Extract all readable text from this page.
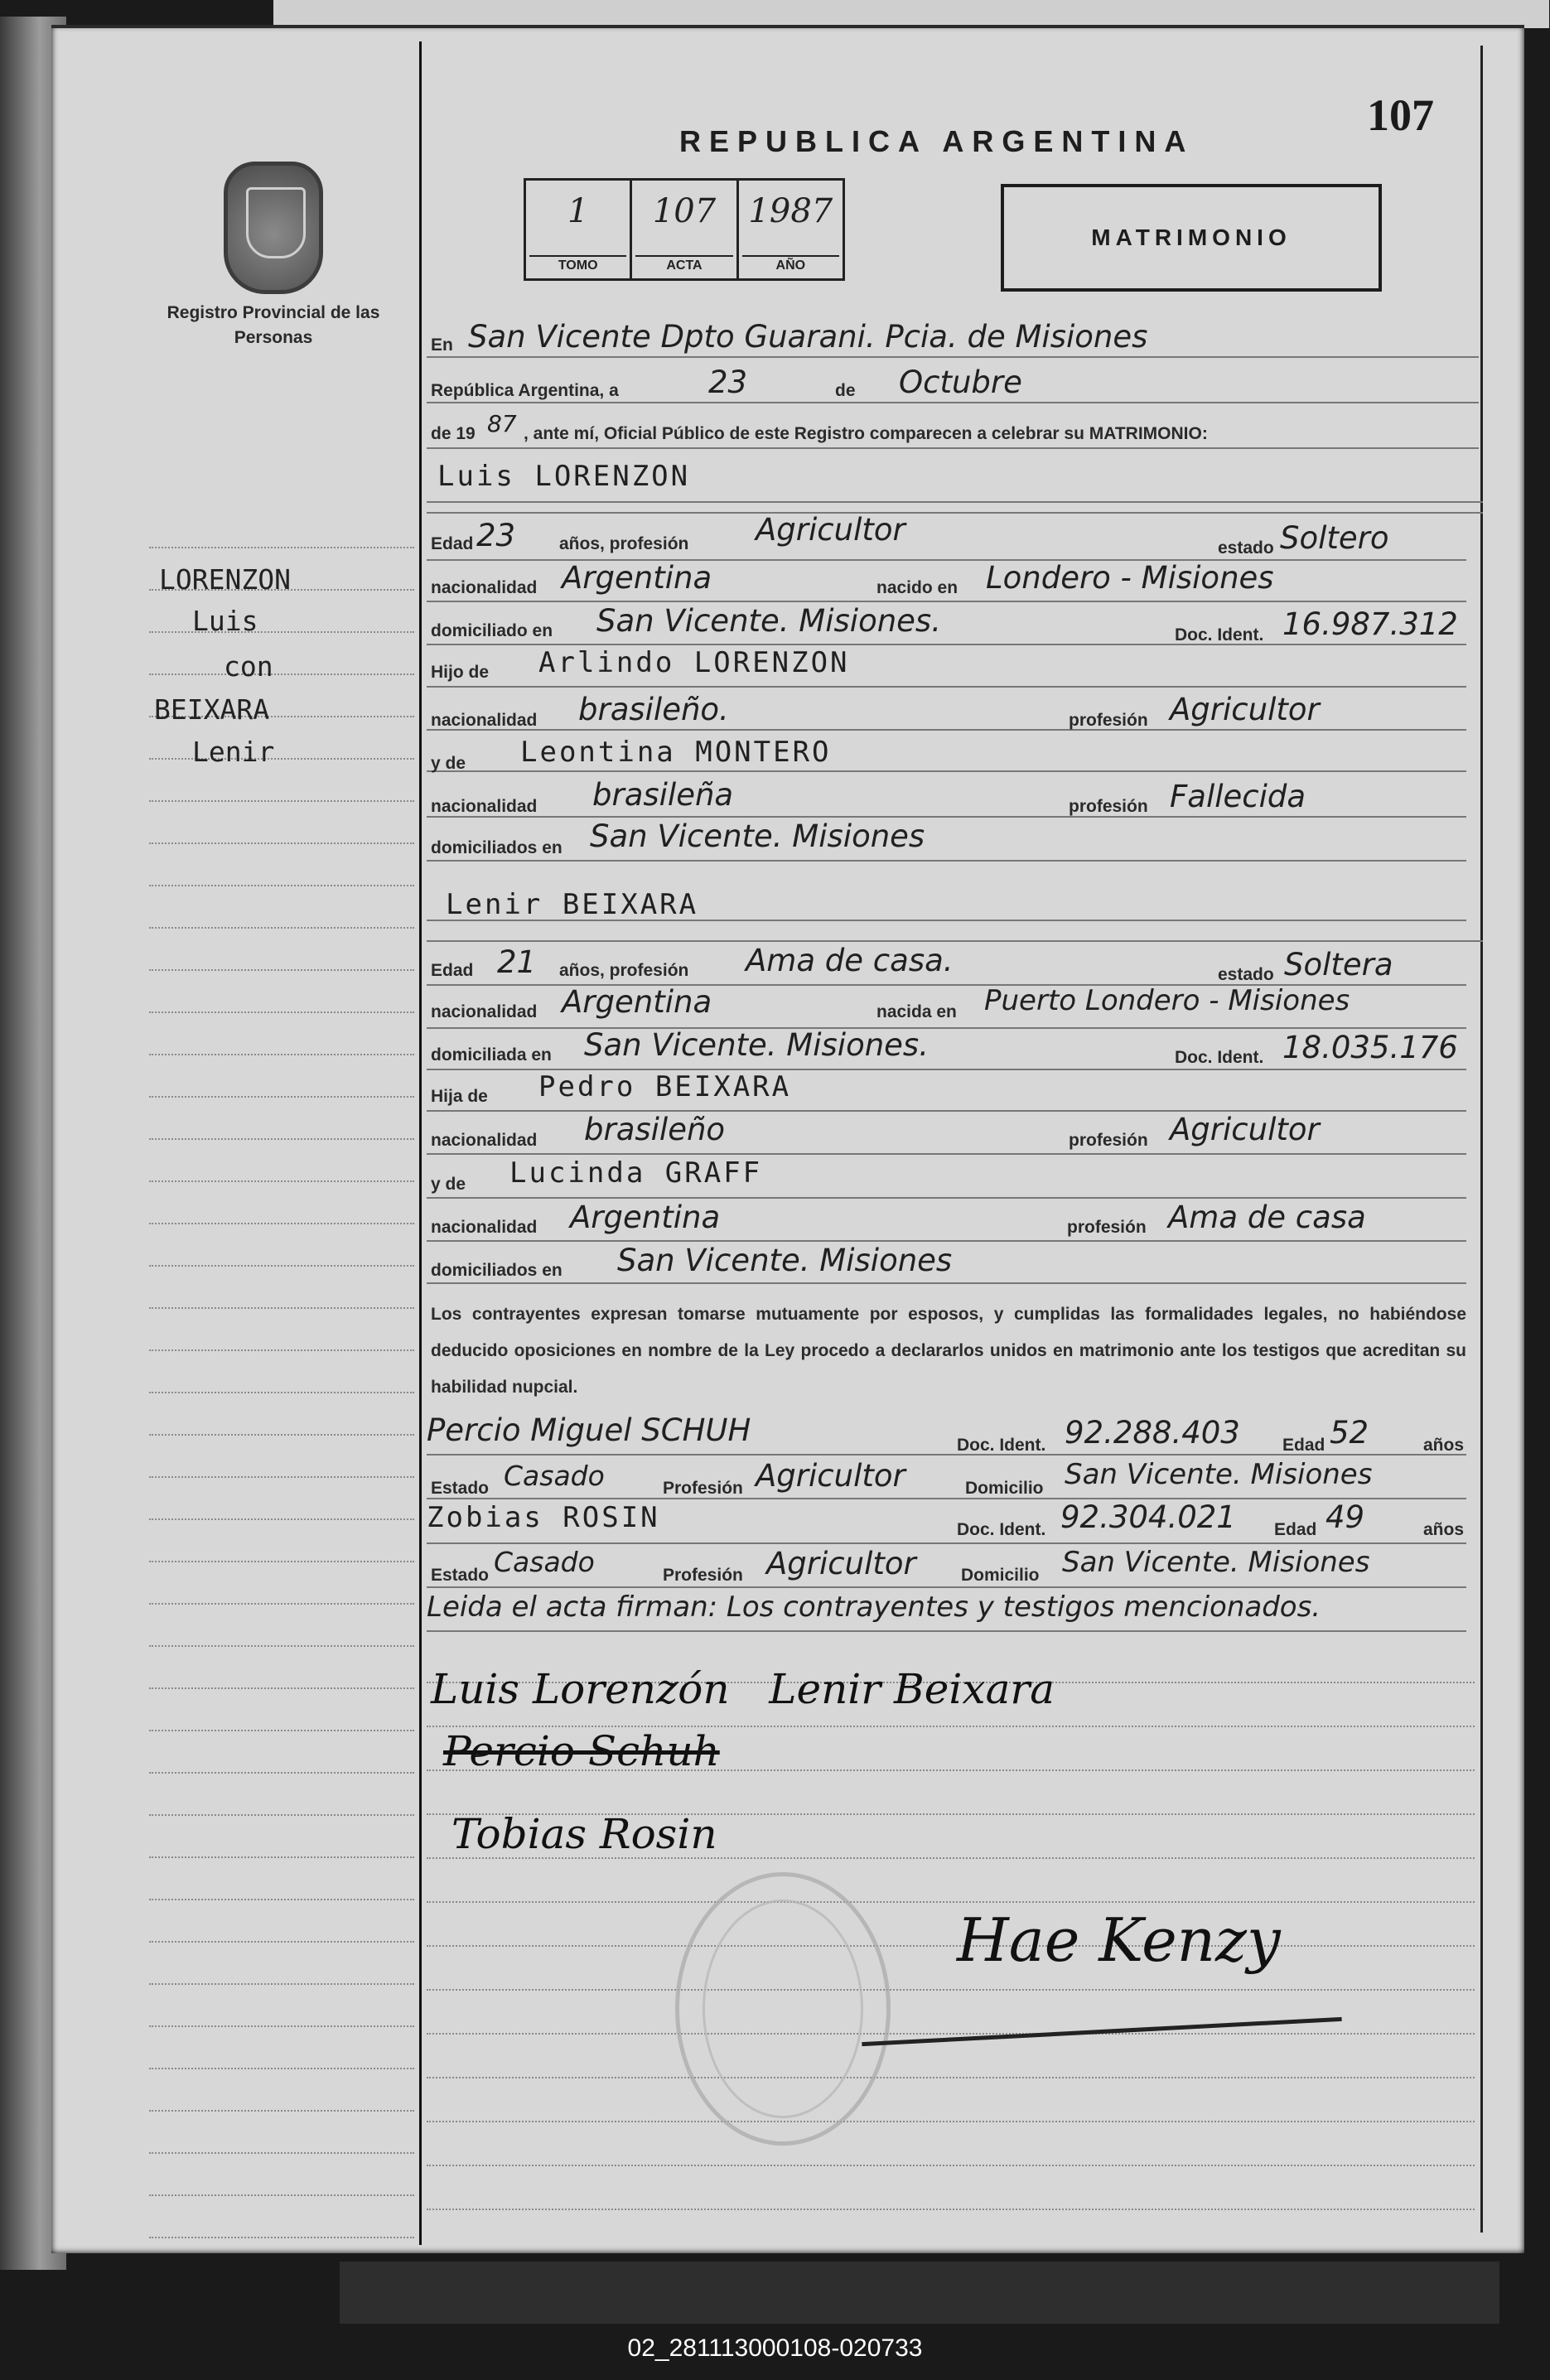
Registro Provincial de las Personas
107
REPUBLICA ARGENTINA
1
TOMO
107
ACTA
1987
AÑO
MATRIMONIO
LORENZON
Luis
con
BEIXARA
Lenir
En San Vicente Dpto Guarani. Pcia. de Misiones
República Argentina, a	23	de Octubre
de 19 87 , ante mí, Oficial Público de este Registro comparecen a celebrar su MATRIMONIO:
Luis LORENZON
Edad 23	años, profesión Agricultor
estado Soltero
nacionalidad Argentina	nacido en Londero - Misiones
domiciliado en San Vicente. Misiones.	Doc. Ident. 16.987.312
Hijo de Arlindo LORENZON
nacionalidad brasileño.	profesión Agricultor
y de Leontina MONTERO
nacionalidad brasileña	profesión Fallecida
domiciliados en San Vicente. Misiones
Lenir BEIXARA
Edad 21 años, profesión Ama de casa.	estado Soltera
nacionalidad Argentina	nacida en Puerto Londero - Misiones
domiciliada en San Vicente. Misiones.	Doc. Ident. 18.035.176
Hija de Pedro BEIXARA
nacionalidad brasileño	profesión Agricultor
y de Lucinda GRAFF
nacionalidad Argentina	profesión Ama de casa
domiciliados en San Vicente. Misiones
Los contrayentes expresan tomarse mutuamente por esposos, y cumplidas las formalidades legales, no habiéndose deducido oposiciones en nombre de la Ley procedo a declararlos unidos en matrimonio ante los testigos que acreditan su habilidad nupcial.
Percio Miguel SCHUH	Doc. Ident. 92.288.403 Edad 52	años
Estado Casado	Profesión Agricultor	Domicilio San Vicente. Misiones
Zobias ROSIN	Doc. Ident. 92.304.021 Edad 49	años
Estado Casado	Profesión Agricultor	Domicilio San Vicente. Misiones
Leida el acta firman: Los contrayentes y testigos mencionados.
Luis Lorenzón   Lenir Beixara
Percio Schuh
Tobias Rosin
Hae Kenzy
02_281113000108-020733
